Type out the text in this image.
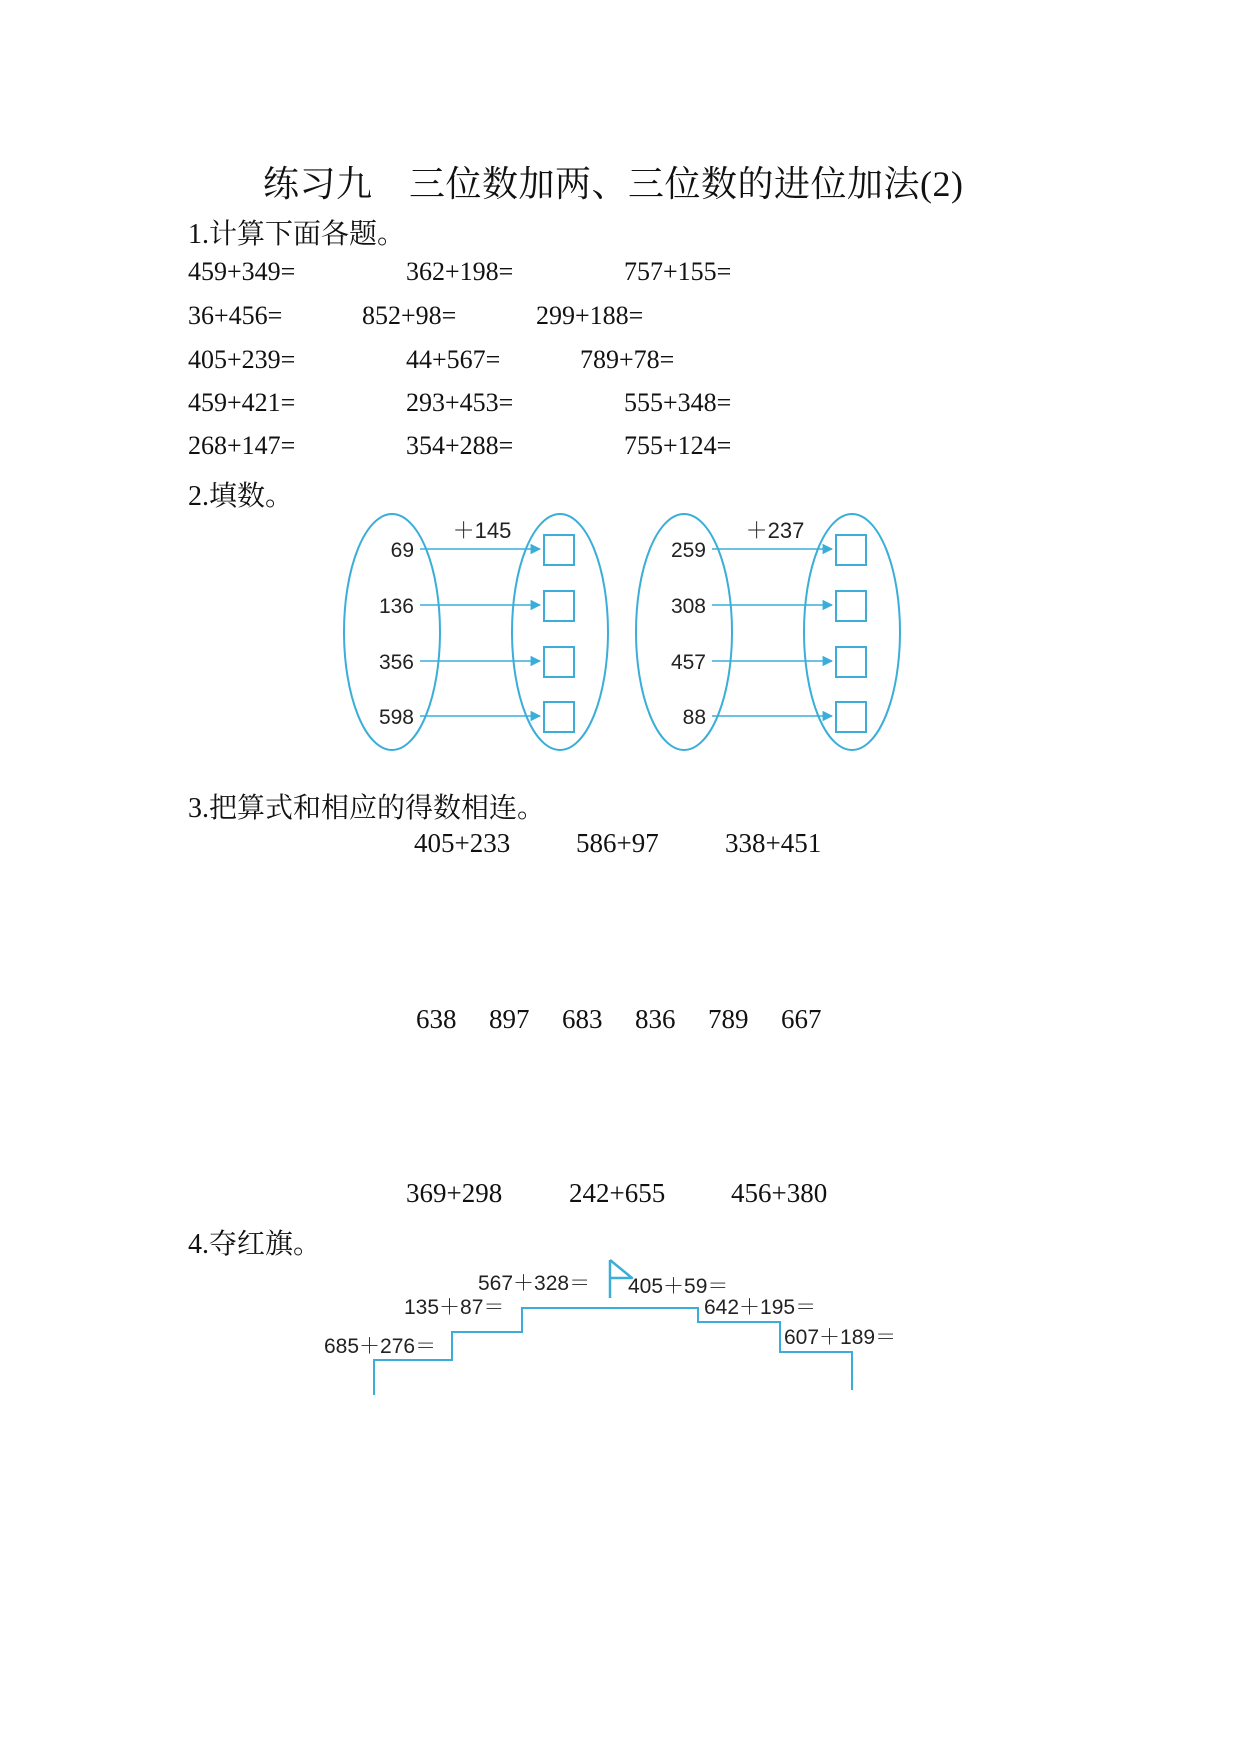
练习九　三位数加两、三位数的进位加法(2)
1.计算下面各题。
459+349=	362+198=	757+155=
36+456=	852+98=	299+188=
405+239=	44+567=	789+78=
459+421=	293+453=	555+348=
268+147=	354+288=	755+124=
2.填数。
＋145
69
136
356
598
＋237
259
308
457
88
3.把算式和相应的得数相连。
405+233 586+97 338+451
638 897 683 836 789 667
369+298 242+655 456+380
4.夺红旗。
685＋276＝
135＋87＝
567＋328＝ 405＋59＝
642＋195＝
607＋189＝
